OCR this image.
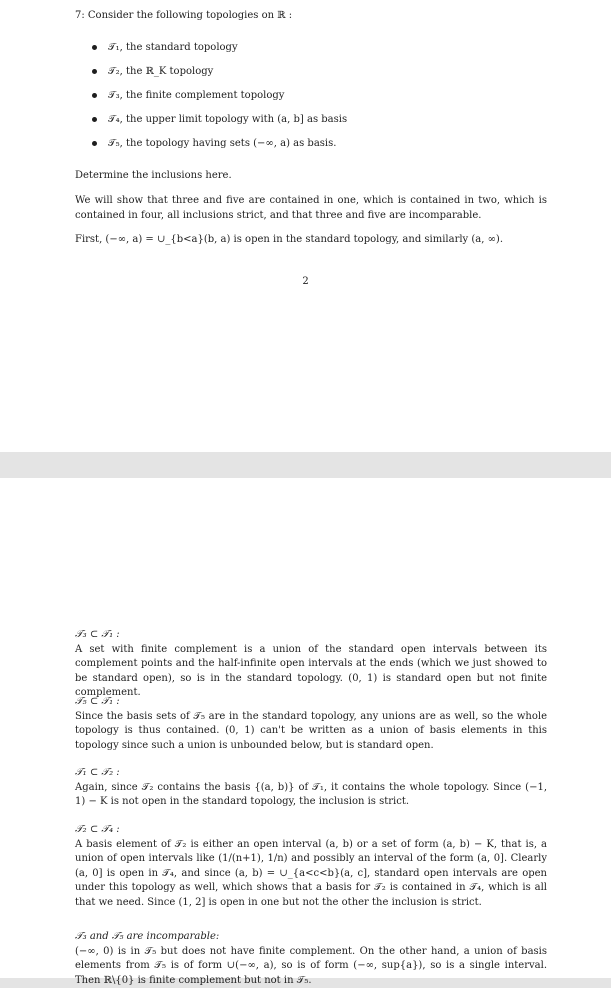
7: Consider the following topologies on ℝ :
𝒯₁, the standard topology
𝒯₂, the ℝ_K topology
𝒯₃, the finite complement topology
𝒯₄, the upper limit topology with (a, b] as basis
𝒯₅, the topology having sets (−∞, a) as basis.
Determine the inclusions here.
We will show that three and five are contained in one, which is contained in two, which is contained in four, all inclusions strict, and that three and five are incomparable.
First, (−∞, a) = ∪_{b<a}(b, a) is open in the standard topology, and similarly (a, ∞).
2
𝒯₃ ⊂ 𝒯₁ :
A set with finite complement is a union of the standard open intervals between its complement points and the half-infinite open intervals at the ends (which we just showed to be standard open), so is in the standard topology. (0, 1) is standard open but not finite complement.
𝒯₅ ⊂ 𝒯₁ :
Since the basis sets of 𝒯₅ are in the standard topology, any unions are as well, so the whole topology is thus contained. (0, 1) can't be written as a union of basis elements in this topology since such a union is unbounded below, but is standard open.
𝒯₁ ⊂ 𝒯₂ :
Again, since 𝒯₂ contains the basis {(a, b)} of 𝒯₁, it contains the whole topology. Since (−1, 1) − K is not open in the standard topology, the inclusion is strict.
𝒯₂ ⊂ 𝒯₄ :
A basis element of 𝒯₂ is either an open interval (a, b) or a set of form (a, b) − K, that is, a union of open intervals like (1/(n+1), 1/n) and possibly an interval of the form (a, 0]. Clearly (a, 0] is open in 𝒯₄, and since (a, b) = ∪_{a<c<b}(a, c], standard open intervals are open under this topology as well, which shows that a basis for 𝒯₂ is contained in 𝒯₄, which is all that we need. Since (1, 2] is open in one but not the other the inclusion is strict.
𝒯₃ and 𝒯₅ are incomparable:
(−∞, 0) is in 𝒯₅ but does not have finite complement. On the other hand, a union of basis elements from 𝒯₅ is of form ∪(−∞, a), so is of form (−∞, sup{a}), so is a single interval. Then ℝ\{0} is finite complement but not in 𝒯₅.
